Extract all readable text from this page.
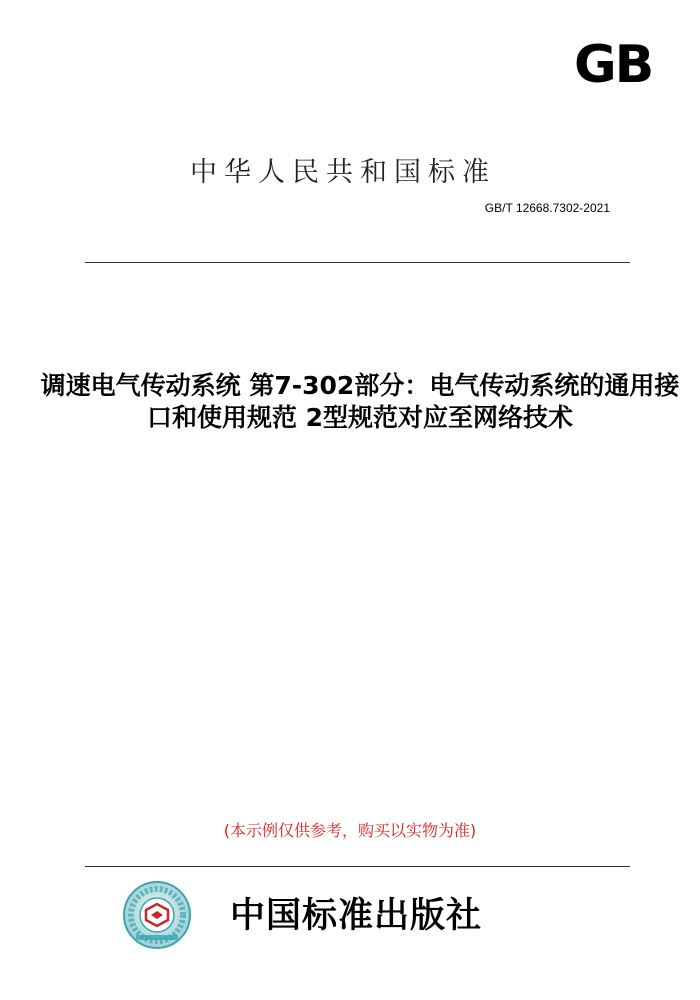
GB
中华人民共和国标准
GB/T 12668.7302-2021
调速电气传动系统 第7-302部分：电气传动系统的通用接口和使用规范 2型规范对应至网络技术
(本示例仅供参考，购买以实物为准)
中国标准出版社
